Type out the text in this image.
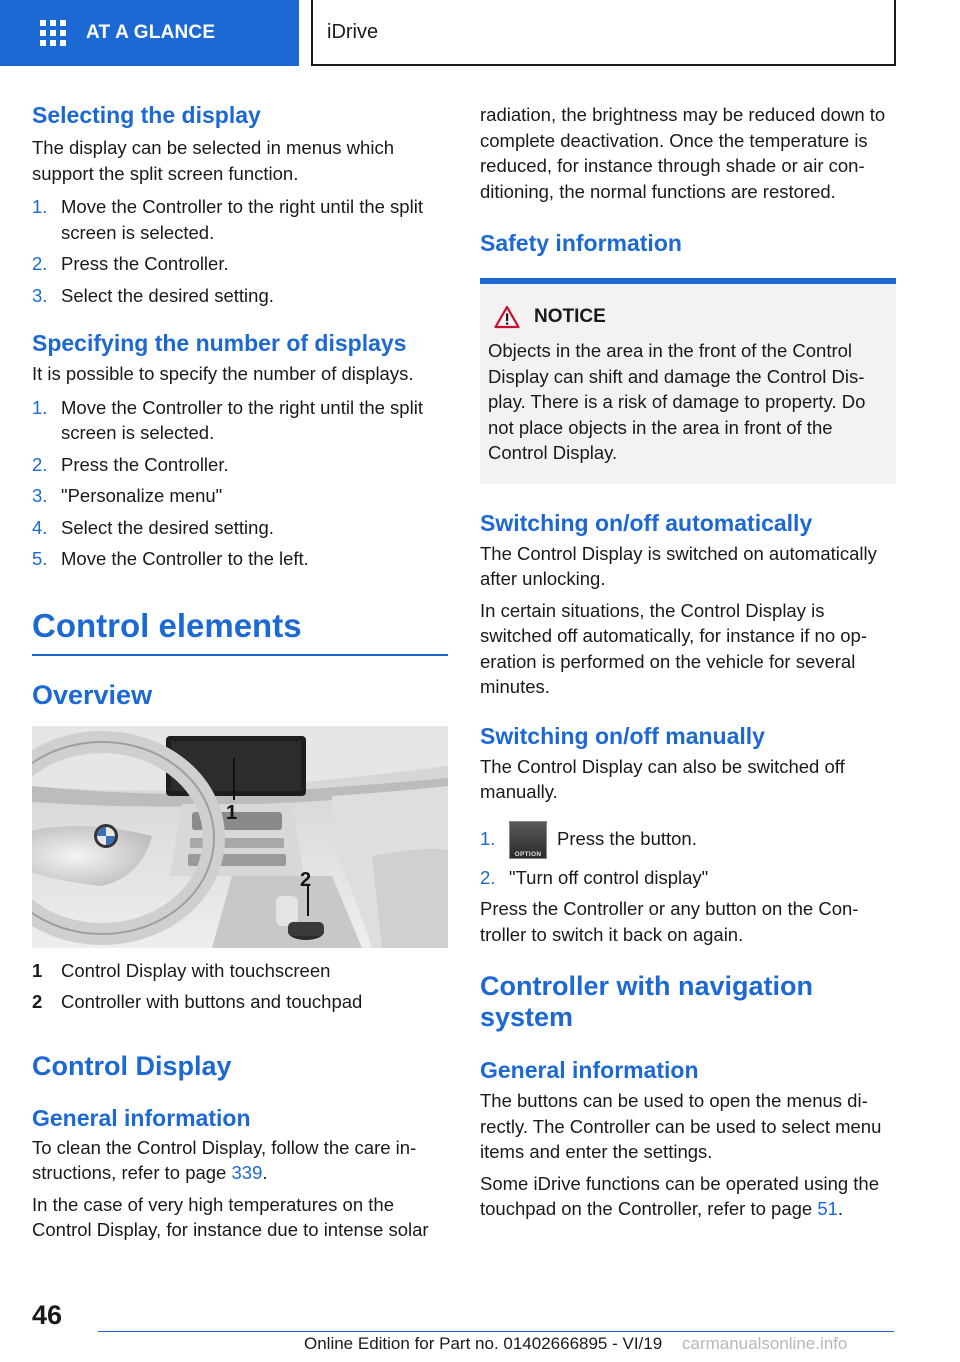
AT A GLANCE	iDrive
Selecting the display

The display can be selected in menus which support the split screen function.

1. Move the Controller to the right until the split screen is selected.
2. Press the Controller.
3. Select the desired setting.
Specifying the number of displays

It is possible to specify the number of displays.

1. Move the Controller to the right until the split screen is selected.
2. Press the Controller.
3. "Personalize menu"
4. Select the desired setting.
5. Move the Controller to the left.
Control elements
Overview
1
2
1	Control Display with touchscreen
2	Controller with buttons and touchpad
Control Display
General information

To clean the Control Display, follow the care in‐structions, refer to page 339.

In the case of very high temperatures on the Control Display, for instance due to intense solar

radiation, the brightness may be reduced down to complete deactivation. Once the temperature is reduced, for instance through shade or air con‐ditioning, the normal functions are restored.

Safety information
NOTICE

Objects in the area in the front of the Control Display can shift and damage the Control Dis‐play. There is a risk of damage to property. Do not place objects in the area in front of the Control Display.

Switching on/off automatically

The Control Display is switched on automatically after unlocking.

In certain situations, the Control Display is switched off automatically, for instance if no op‐eration is performed on the vehicle for several minutes.

Switching on/off manually

The Control Display can also be switched off manually.

1.
OPTION
Press the button.
2. "Turn off control display"

Press the Controller or any button on the Con‐troller to switch it back on again.

Controller with navigation system
General information

The buttons can be used to open the menus di‐rectly. The Controller can be used to select menu items and enter the settings.

Some iDrive functions can be operated using the touchpad on the Controller, refer to page 51.

46
Online Edition for Part no. 01402666895 - VI/19 carmanualsonline.info
